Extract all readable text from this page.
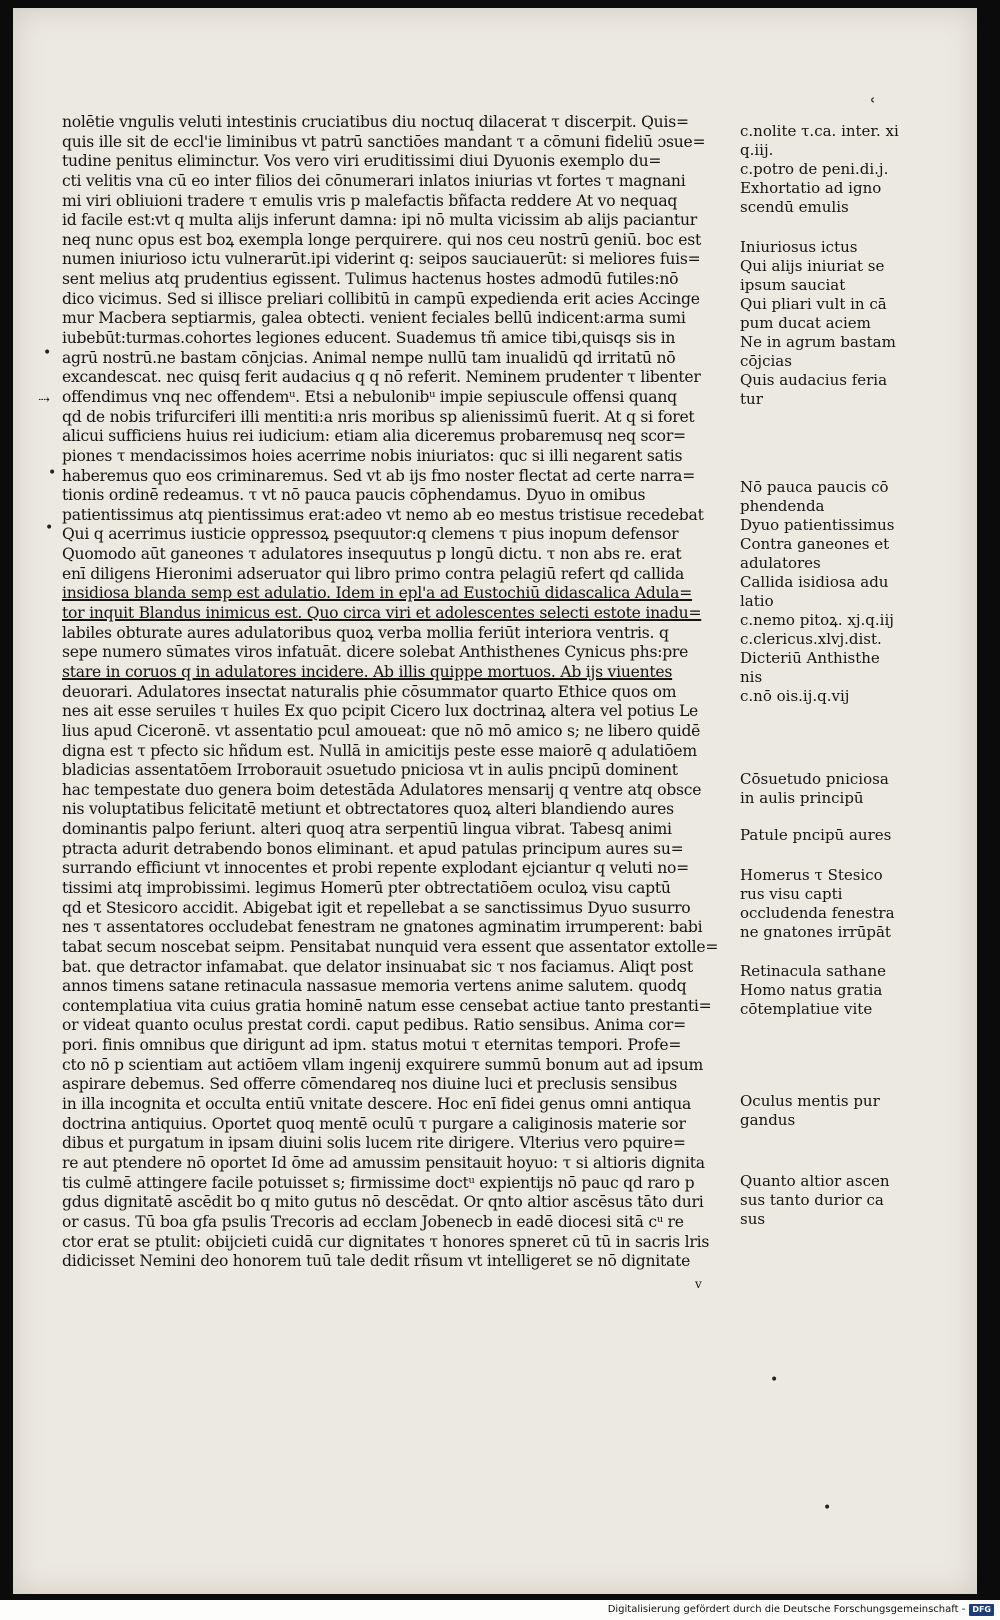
nolētie vngulis veluti intestinis cruciatibus diu noctuq dilacerat τ discerpit. Quis=
quis ille sit de eccl'ie liminibus vt patrū sanctiōes mandant τ a cōmuni fideliū ɔsue=
tudine penitus eliminctur. Vos vero viri eruditissimi diui Dyuonis exemplo du=
cti velitis vna cū eo inter filios dei cōnumerari inlatos iniurias vt fortes τ magnani
mi viri obliuioni tradere τ emulis vris p malefactis bñfacta reddere At vo nequaq
id facile est:vt q multa alijs inferunt damna: ipi nō multa vicissim ab alijs paciantur
neq nunc opus est boꝝ exempla longe perquirere. qui nos ceu nostrū geniū. boc est
numen iniurioso ictu vulnerarūt.ipi viderint q: seipos sauciauerūt: si meliores fuis=
sent melius atq prudentius egissent. Tulimus hactenus hostes admodū futiles:nō
dico vicimus. Sed si illisce preliari collibitū in campū expedienda erit acies Accinge
mur Macbera septiarmis, galea obtecti. venient feciales bellū indicent:arma sumi
iubebūt:turmas.cohortes legiones educent. Suademus tñ amice tibi,quisqs sis in
agrū nostrū.ne bastam cōnjcias. Animal nempe nullū tam inualidū qd irritatū nō
excandescat. nec quisq ferit audacius q q nō referit. Neminem prudenter τ libenter
offendimus vnq nec offendemᵘ. Etsi a nebulonibᵘ impie sepiuscule offensi quanq
qd de nobis trifurciferi illi mentiti:a nris moribus sp alienissimū fuerit. At q si foret
alicui sufficiens huius rei iudicium: etiam alia diceremus probaremusq neq scor=
piones τ mendacissimos hoies acerrime nobis iniuriatos: quc si illi negarent satis
haberemus quo eos criminaremus. Sed vt ab ijs fmo noster flectat ad certe narra=
tionis ordinē redeamus. τ vt nō pauca paucis cōphendamus. Dyuo in omibus
patientissimus atq pientissimus erat:adeo vt nemo ab eo mestus tristisue recedebat
Qui q acerrimus iusticie oppressoꝝ psequutor:q clemens τ pius inopum defensor
Quomodo aūt ganeones τ adulatores insequutus p longū dictu. τ non abs re. erat
enī diligens Hieronimi adseruator qui libro primo contra pelagiū refert qd callida
insidiosa blanda semp est adulatio. Idem in epl'a ad Eustochiū didascalica Adula=
tor inquit Blandus inimicus est. Quo circa viri et adolescentes selecti estote inadu=
labiles obturate aures adulatoribus quoꝝ verba mollia feriūt interiora ventris. q
sepe numero sūmates viros infatuāt. dicere solebat Anthisthenes Cynicus phs:pre
stare in coruos q in adulatores incidere. Ab illis quippe mortuos. Ab ijs viuentes
deuorari. Adulatores insectat naturalis phie cōsummator quarto Ethice quos om
nes ait esse seruiles τ huiles Ex quo pcipit Cicero lux doctrinaꝝ altera vel potius Le
lius apud Ciceronē. vt assentatio pcul amoueat: que nō mō amico s; ne libero quidē
digna est τ pfecto sic hñdum est. Nullā in amicitijs peste esse maiorē q adulatiōem
bladicias assentatōem Irroborauit ɔsuetudo pniciosa vt in aulis pncipū dominent
hac tempestate duo genera boim detestāda Adulatores mensarij q ventre atq obsce
nis voluptatibus felicitatē metiunt et obtrectatores quoꝝ alteri blandiendo aures
dominantis palpo feriunt. alteri quoq atra serpentiū lingua vibrat. Tabesq animi
ptracta adurit detrabendo bonos eliminant. et apud patulas principum aures su=
surrando efficiunt vt innocentes et probi repente explodant ejciantur q veluti no=
tissimi atq improbissimi. legimus Homerū pter obtrectatiōem oculoꝝ visu captū
qd et Stesicoro accidit. Abigebat igit et repellebat a se sanctissimus Dyuo susurro
nes τ assentatores occludebat fenestram ne gnatones agminatim irrumperent: babi
tabat secum noscebat seipm. Pensitabat nunquid vera essent que assentator extolle=
bat. que detractor infamabat. que delator insinuabat sic τ nos faciamus. Aliqt post
annos timens satane retinacula nassasue memoria vertens anime salutem. quodq
contemplatiua vita cuius gratia hominē natum esse censebat actiue tanto prestanti=
or videat quanto oculus prestat cordi. caput pedibus. Ratio sensibus. Anima cor=
pori. finis omnibus que dirigunt ad ipm. status motui τ eternitas tempori. Profe=
cto nō p scientiam aut actiōem vllam ingenij exquirere summū bonum aut ad ipsum
aspirare debemus. Sed offerre cōmendareq nos diuine luci et preclusis sensibus
in illa incognita et occulta entiū vnitate descere. Hoc enī fidei genus omni antiqua
doctrina antiquius. Oportet quoq mentē oculū τ purgare a caliginosis materie sor
dibus et purgatum in ipsam diuini solis lucem rite dirigere. Vlterius vero pquire=
re aut ptendere nō oportet Id ōme ad amussim pensitauit hoyuo: τ si altioris dignita
tis culmē attingere facile potuisset s; firmissime doctᵘ expientijs nō pauc qd raro p
gdus dignitatē ascēdit bo q mito gutus nō descēdat. Or qnto altior ascēsus tāto duri
or casus. Tū boa gfa psulis Trecoris ad ecclam Jobenecb in eadē diocesi sitā cᵘ re
ctor erat se ptulit: obijcieti cuidā cur dignitates τ honores spneret cū tū in sacris lris
didicisset Nemini deo honorem tuū tale dedit rñsum vt intelligeret se nō dignitate
v
c.nolite τ.ca. inter. xi
q.iij.
c.potro de peni.di.j.
Exhortatio ad igno
scendū emulis
Iniuriosus ictus
Qui alijs iniuriat se
ipsum sauciat
Qui pliari vult in cā
pum ducat aciem
Ne in agrum bastam
cōjcias
Quis audacius feria
tur
Nō pauca paucis cō
phendenda
Dyuo patientissimus
Contra ganeones et
adulatores
Callida isidiosa adu
latio
c.nemo pitoꝝ. xj.q.iij
c.clericus.xlvj.dist.
Dicteriū Anthisthe
nis
c.nō ois.ij.q.vij
Cōsuetudo pniciosa
in aulis principū
Patule pncipū aures
Homerus τ Stesico
rus visu capti
occludenda fenestra
ne gnatones irrūpāt
Retinacula sathane
Homo natus gratia
cōtemplatiue vite
Oculus mentis pur
gandus
Quanto altior ascen
sus tanto durior ca
sus
⇢
•
•
•
ʿ
•
•
Digitalisierung gefördert durch die Deutsche Forschungsgemeinschaft - DFG
